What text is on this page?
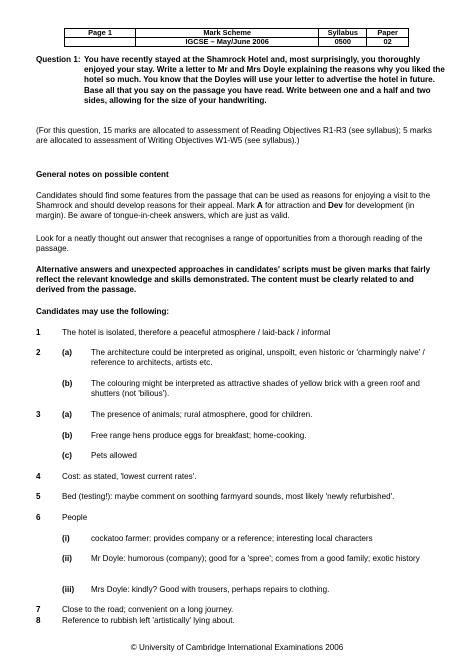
Page 1	Mark Scheme	Syllabus	Paper
	IGCSE – May/June 2006	0500	02
Question 1: You have recently stayed at the Shamrock Hotel and, most surprisingly, you thoroughly enjoyed your stay. Write a letter to Mr and Mrs Doyle explaining the reasons why you liked the hotel so much. You know that the Doyles will use your letter to advertise the hotel in future. Base all that you say on the passage you have read. Write between one and a half and two sides, allowing for the size of your handwriting.
(For this question, 15 marks are allocated to assessment of Reading Objectives R1-R3 (see syllabus); 5 marks are allocated to assessment of Writing Objectives W1-W5 (see syllabus).)
General notes on possible content
Candidates should find some features from the passage that can be used as reasons for enjoying a visit to the Shamrock and should develop reasons for their appeal. Mark A for attraction and Dev for development (in margin). Be aware of tongue-in-cheek answers, which are just as valid.
Look for a neatly thought out answer that recognises a range of opportunities from a thorough reading of the passage.
Alternative answers and unexpected approaches in candidates' scripts must be given marks that fairly reflect the relevant knowledge and skills demonstrated. The content must be clearly related to and derived from the passage.
Candidates may use the following:
1	The hotel is isolated, therefore a peaceful atmosphere / laid-back / informal
2	(a) The architecture could be interpreted as original, unspoilt, even historic or 'charmingly naive' / reference to architects, artists etc.
(b) The colouring might be interpreted as attractive shades of yellow brick with a green roof and shutters (not 'bilious').
3	(a) The presence of animals; rural atmosphere, good for children.
(b) Free range hens produce eggs for breakfast; home-cooking.
(c) Pets allowed
4	Cost: as stated, 'lowest current rates'.
5	Bed (testing!): maybe comment on soothing farmyard sounds, most likely 'newly refurbished'.
6	People
(i)	cockatoo farmer: provides company or a reference; interesting local characters
(ii) Mr Doyle: humorous (company); good for a 'spree'; comes from a good family; exotic history
(iii) Mrs Doyle: kindly? Good with trousers, perhaps repairs to clothing.
7	Close to the road; convenient on a long journey.
8	Reference to rubbish left 'artistically' lying about.
© University of Cambridge International Examinations 2006
